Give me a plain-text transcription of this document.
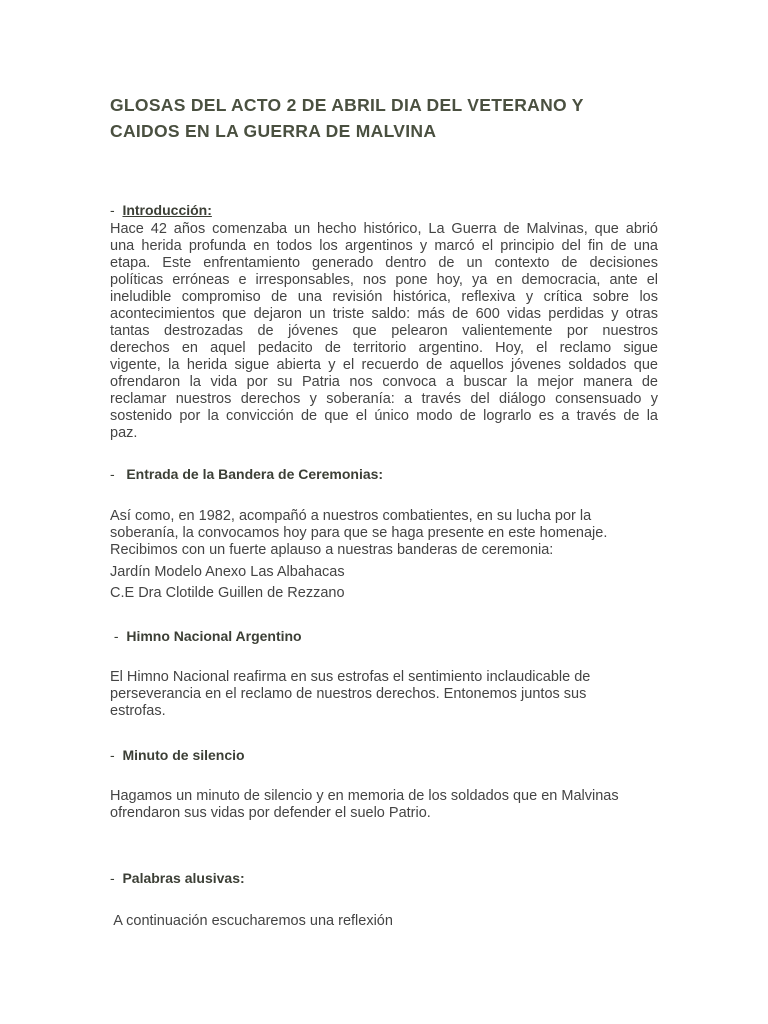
GLOSAS DEL ACTO 2 DE ABRIL DIA DEL VETERANO Y
CAIDOS EN LA GUERRA DE MALVINA
- Introducción:
Hace 42 años comenzaba un hecho histórico, La Guerra de Malvinas, que abrió
una herida profunda en todos los argentinos y marcó el principio del fin de una
etapa. Este enfrentamiento generado dentro de un contexto de decisiones
políticas erróneas e irresponsables, nos pone hoy, ya en democracia, ante el
ineludible compromiso de una revisión histórica, reflexiva y crítica sobre los
acontecimientos que dejaron un triste saldo: más de 600 vidas perdidas y otras
tantas destrozadas de jóvenes que pelearon valientemente por nuestros
derechos en aquel pedacito de territorio argentino. Hoy, el reclamo sigue
vigente, la herida sigue abierta y el recuerdo de aquellos jóvenes soldados que
ofrendaron la vida por su Patria nos convoca a buscar la mejor manera de
reclamar nuestros derechos y soberanía: a través del diálogo consensuado y
sostenido por la convicción de que el único modo de lograrlo es a través de la
paz.
- Entrada de la Bandera de Ceremonias:
Así como, en 1982, acompañó a nuestros combatientes, en su lucha por la
soberanía, la convocamos hoy para que se haga presente en este homenaje.
Recibimos con un fuerte aplauso a nuestras banderas de ceremonia:
Jardín Modelo Anexo Las Albahacas
C.E Dra Clotilde Guillen de Rezzano
- Himno Nacional Argentino
El Himno Nacional reafirma en sus estrofas el sentimiento inclaudicable de
perseverancia en el reclamo de nuestros derechos. Entonemos juntos sus
estrofas.
- Minuto de silencio
Hagamos un minuto de silencio y en memoria de los soldados que en Malvinas
ofrendaron sus vidas por defender el suelo Patrio.
- Palabras alusivas:
A continuación escucharemos una reflexión
